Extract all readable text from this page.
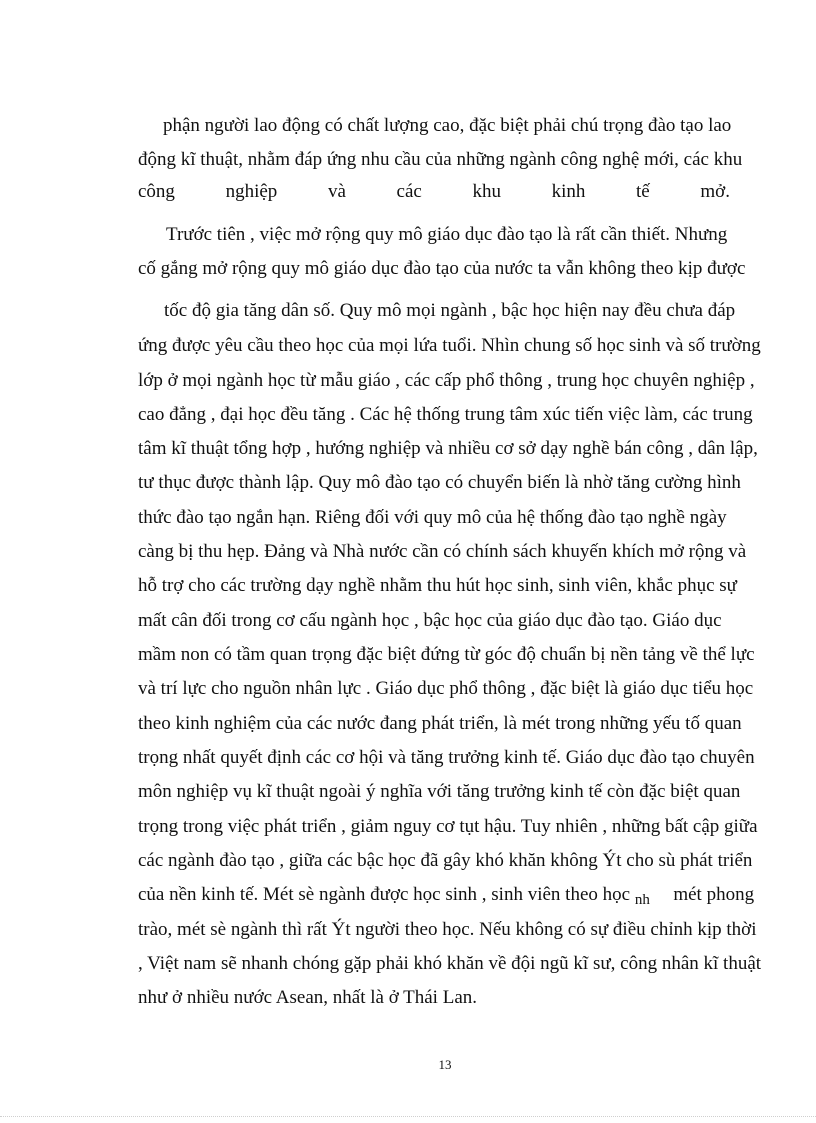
phận người lao động có chất lượng cao, đặc biệt phải chú trọng đào tạo lao
động kĩ thuật, nhằm đáp ứng nhu cầu của những ngành công nghệ mới, các khu
công	nghiệp	và	các	khu	kinh	tế	mở.
Trước tiên , việc mở rộng quy mô giáo dục đào tạo là rất cần thiết. Nhưng
cố gắng mở rộng quy mô giáo dục đào tạo của nước ta vẫn không theo kịp được
tốc độ gia tăng dân số. Quy mô mọi ngành , bậc học hiện nay đều chưa đáp
ứng được yêu cầu theo học của mọi lứa tuổi. Nhìn chung số học sinh và số trường
lớp ở mọi ngành học từ mẫu giáo , các cấp phổ thông , trung học chuyên nghiệp ,
cao đẳng , đại học đều tăng . Các hệ thống trung tâm xúc tiến việc làm, các trung
tâm kĩ thuật tổng hợp , hướng nghiệp và nhiều cơ sở dạy nghề bán công , dân lập,
tư thục được thành lập. Quy mô đào tạo có chuyển biến là nhờ tăng cường hình
thức đào tạo ngắn hạn. Riêng đối với quy mô của hệ thống đào tạo nghề ngày
càng bị thu hẹp. Đảng và Nhà nước cần có chính sách khuyến khích mở rộng và
hỗ trợ cho các trường dạy nghề nhằm thu hút học sinh, sinh viên, khắc phục sự
mất cân đối trong cơ cấu ngành học , bậc học của giáo dục đào tạo. Giáo dục
mầm non có tầm quan trọng đặc biệt đứng từ góc độ chuẩn bị nền tảng về thể lực
và trí lực cho nguồn nhân lực . Giáo dục phổ thông , đặc biệt là giáo dục tiểu học
theo kinh nghiệm của các nước đang phát triển, là mét trong những yếu tố quan
trọng nhất quyết định các cơ hội và tăng trưởng kinh tế. Giáo dục đào tạo chuyên
môn nghiệp vụ kĩ thuật ngoài ý nghĩa với tăng trưởng kinh tế còn đặc biệt quan
trọng trong việc phát triển , giảm nguy cơ tụt hậu. Tuy nhiên , những bất cập giữa
các ngành đào tạo , giữa các bậc học đã gây khó khăn không Ýt cho sù phát triển
của nền kinh tế. Mét sè ngành được học sinh , sinh viên theo học $_{nh}$ mét phong
trào, mét sè ngành thì rất Ýt người theo học. Nếu không có sự điều chỉnh kịp thời
, Việt nam sẽ nhanh chóng gặp phải khó khăn về đội ngũ kĩ sư, công nhân kĩ thuật
như ở nhiều nước Asean, nhất là ở Thái Lan.
13
